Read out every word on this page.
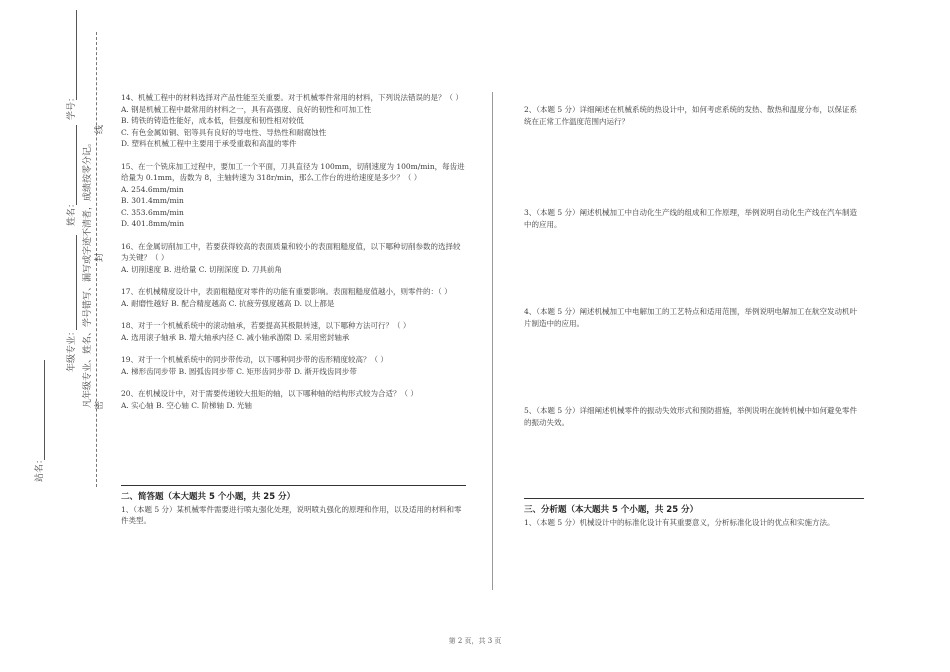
学号：
姓名：
年级专业： 凡年级专业、姓名、学号错写、漏写或字迹不清者，成绩按零分记。 密
封
线
站名：

14、机械工程中的材料选择对产品性能至关重要。对于机械零件常用的材料，下列说法错误的是？（ ）

A. 钢是机械工程中最常用的材料之一，具有高强度、良好的韧性和可加工性

B. 铸铁的铸造性能好，成本低，但强度和韧性相对较低

C. 有色金属如铜、铝等具有良好的导电性、导热性和耐腐蚀性

D. 塑料在机械工程中主要用于承受重载和高温的零件

15、在一个铣床加工过程中，要加工一个平面，刀具直径为 100mm，切削速度为 100m/min，每齿进给量为 0.1mm，齿数为 8，主轴转速为 318r/min，那么工作台的进给速度是多少？（ ）

A. 254.6mm/min

B. 301.4mm/min

C. 353.6mm/min

D. 401.8mm/min

16、在金属切削加工中，若要获得较高的表面质量和较小的表面粗糙度值，以下哪种切削参数的选择较为关键？（ ）

A. 切削速度 B. 进给量 C. 切削深度 D. 刀具前角

17、在机械精度设计中，表面粗糙度对零件的功能有重要影响。表面粗糙度值越小，则零件的：（ ）

A. 耐磨性越好 B. 配合精度越高 C. 抗疲劳强度越高 D. 以上都是

18、对于一个机械系统中的滚动轴承，若要提高其极限转速，以下哪种方法可行？（ ）

A. 选用滚子轴承 B. 增大轴承内径 C. 减小轴承游隙 D. 采用密封轴承

19、对于一个机械系统中的同步带传动，以下哪种同步带的齿形精度较高？（ ）

A. 梯形齿同步带 B. 圆弧齿同步带 C. 矩形齿同步带 D. 渐开线齿同步带

20、在机械设计中，对于需要传递较大扭矩的轴，以下哪种轴的结构形式较为合适？（ ）

A. 实心轴 B. 空心轴 C. 阶梯轴 D. 光轴

二、简答题（本大题共 5 个小题，共 25 分）

1、（本题 5 分）某机械零件需要进行喷丸强化处理，说明喷丸强化的原理和作用，以及适用的材料和零件类型。

2、（本题 5 分）详细阐述在机械系统的热设计中，如何考虑系统的发热、散热和温度分布，以保证系统在正常工作温度范围内运行？

3、（本题 5 分）阐述机械加工中自动化生产线的组成和工作原理，举例说明自动化生产线在汽车制造中的应用。

4、（本题 5 分）阐述机械加工中电解加工的工艺特点和适用范围，举例说明电解加工在航空发动机叶片制造中的应用。

5、（本题 5 分）详细阐述机械零件的振动失效形式和预防措施，举例说明在旋转机械中如何避免零件的振动失效。

三、分析题（本大题共 5 个小题，共 25 分）

1、（本题 5 分）机械设计中的标准化设计有其重要意义，分析标准化设计的优点和实施方法。

第 2 页，共 3 页
